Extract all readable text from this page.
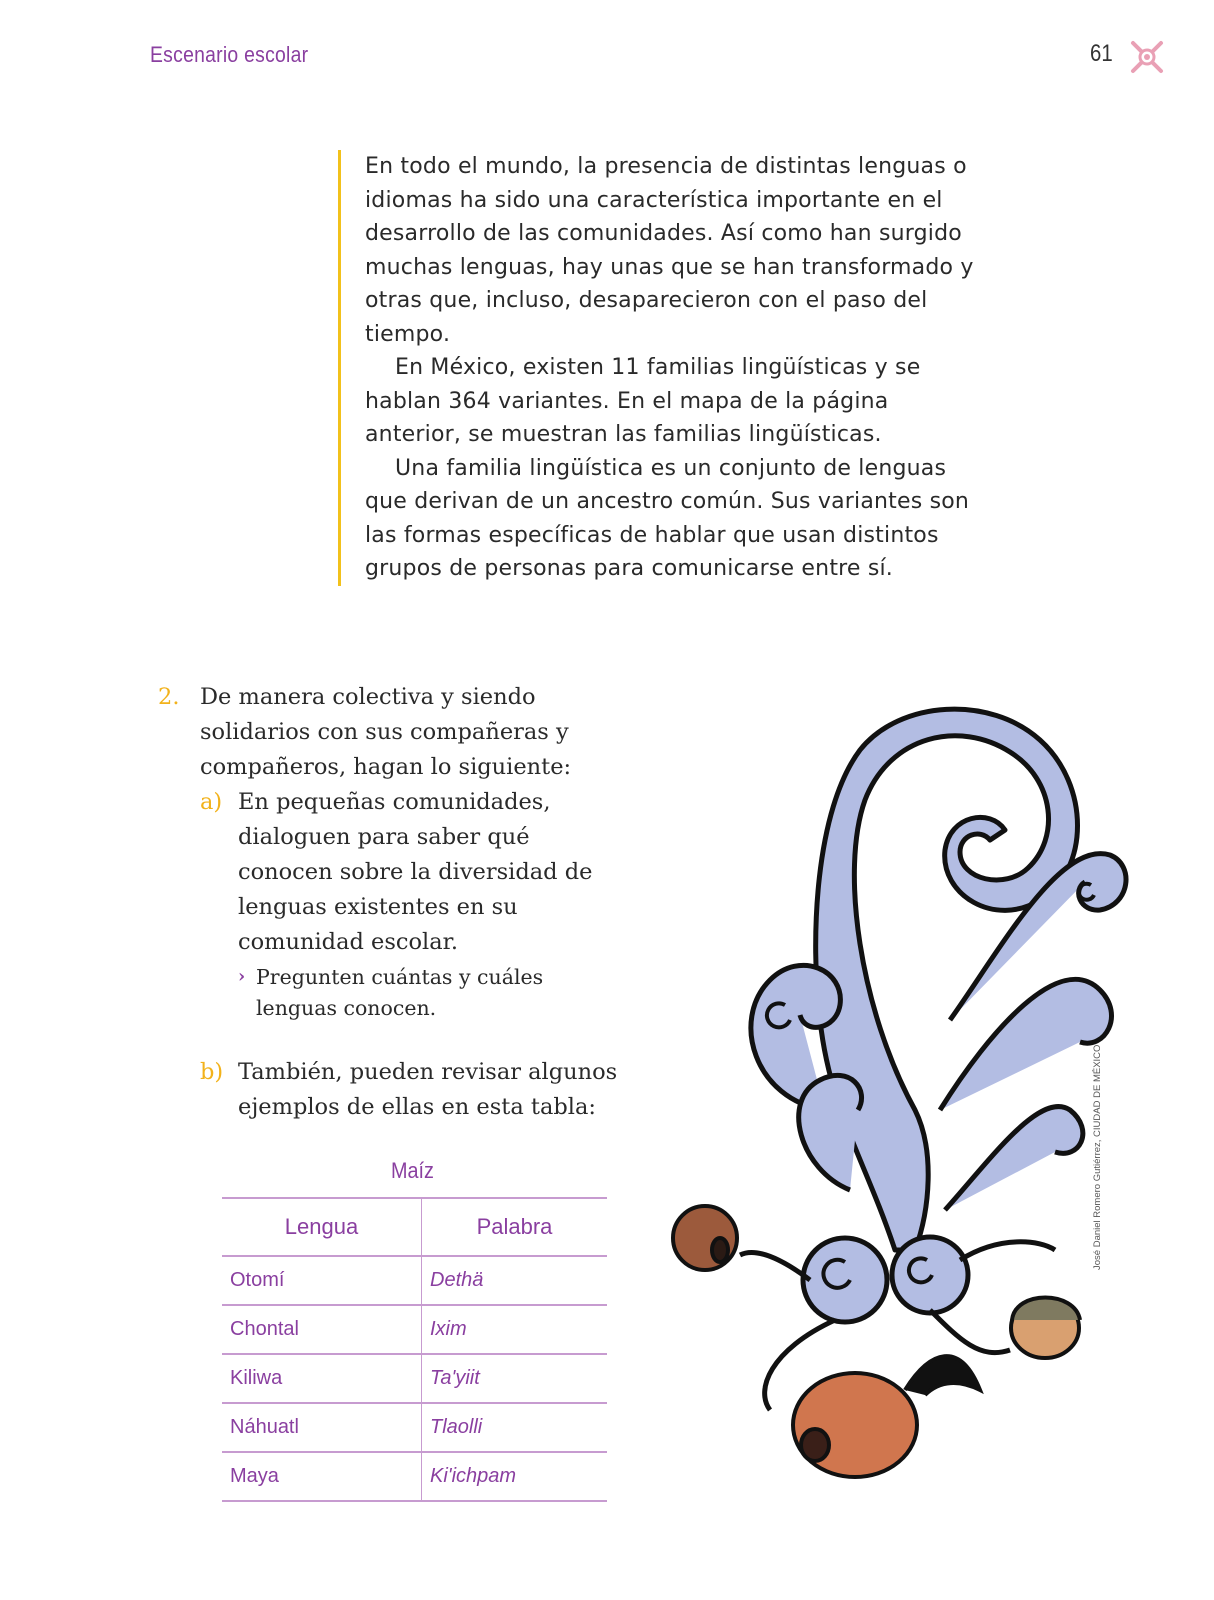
Escenario escolar	61

En todo el mundo, la presencia de distintas lenguas o idiomas ha sido una característica importante en el desarrollo de las comunidades. Así como han surgido muchas lenguas, hay unas que se han transformado y otras que, incluso, desaparecieron con el paso del tiempo.

En México, existen 11 familias lingüísticas y se hablan 364 variantes. En el mapa de la página anterior, se muestran las familias lingüísticas.

Una familia lingüística es un conjunto de lenguas que derivan de un ancestro común. Sus variantes son las formas específicas de hablar que usan distintos grupos de personas para comunicarse entre sí.

2. De manera colectiva y siendo solidarios con sus compañeras y compañeros, hagan lo siguiente:
a) En pequeñas comunidades, dialoguen para saber qué conocen sobre la diversidad de lenguas existentes en su comunidad escolar.
› Pregunten cuántas y cuáles lenguas conocen.
b) También, pueden revisar algunos ejemplos de ellas en esta tabla:
Maíz
Lengua	Palabra
Otomí	Dethä
Chontal	Ixim
Kiliwa	Ta'yiit
Náhuatl	Tlaolli
Maya	Ki'ichpam
José Daniel Romero Gutiérrez, CIUDAD DE MÉXICO
